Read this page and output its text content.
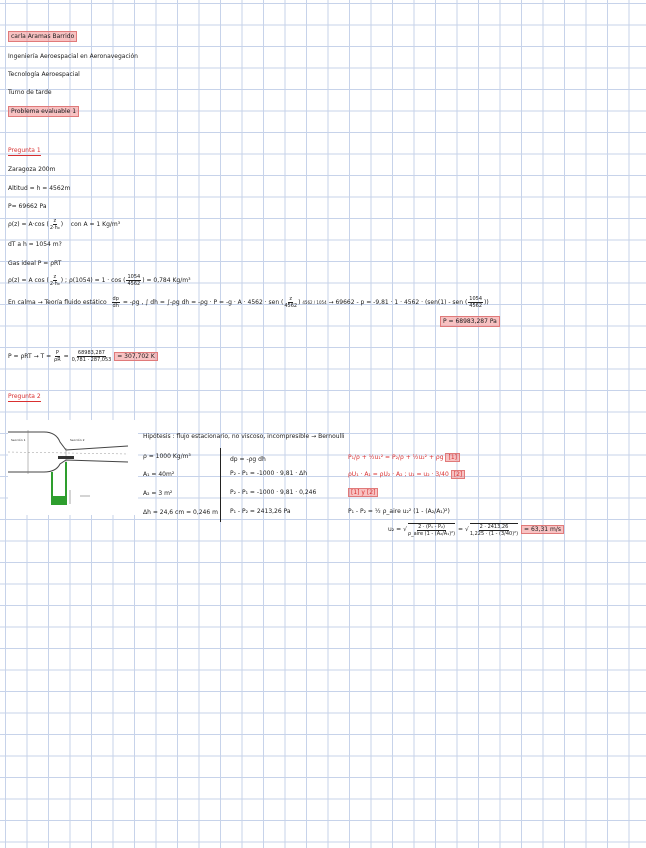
carla Aramas Barrido
Ingeniería Aeroespacial en Aeronavegación
Tecnología Aeroespacial
Turno de tarde
Problema evaluable 1
Pregunta 1
Zaragoza 200m
Altitud = h = 4562m
P= 69662 Pa
ρ(z) = A·cos ( $\frac{z}{\text{2·h₀}}$ )    con A = 1 Kg/m³
dT a h = 1054 m?
Gas ideal P = ρRT
ρ(z) = A cos ( $\frac{z}{\text{2·h₀}}$ ) ; ρ(1054) = 1 · cos ( $\frac{1054}{4562}$ ) = 0,784 Kg/m³
En calma → Teoría fluido estático $\frac{dp}{dh} = -\rho g$ , ∫ dh = ∫-ρg dh = -ρg · P = -g · A · 4562 · sen ( $\frac{z}{4562}$ ) 4562 / 1054 → 69662 - p = -9,81 · 1 · 4562 · (sen(1) - sen ( $\frac{1054}{4562}$ ))
P = 68983,287 Pa
$P = \rho RT \to T = \frac{P}{\rho R} = \frac{68983,287}{0,781 \cdot 287,053} = 307,702$ K
Pregunta 2
Sección 1	Sección 2	Hipótesis : flujo estacionario, no viscoso, incompresible → Bernoulli
ρ = 1000 Kg/m³
A₁ = 40m²
A₂ = 3 m²
Δh = 24,6 cm = 0,246 m
dp = -ρg dh
P₂ - P₁ = -1000 · 9,81 · Δh
P₂ - P₁ = -1000 · 9,81 · 0,246
P₁ - P₂ = 2413,26 Pa
P₁/ρ + ½u₁² = P₂/ρ + ½u₂² + ρg [1]
ρU₁ · A₁ = ρU₂ · A₂ ; u₁ = u₂ · 3/40 [2]
[1] y [2]
P₁ - P₂ = ½ ρ_aire u₂² (1 - (A₂/A₁)²)
u₂ = √ $\frac{\text{2 · (P₁ - P₂)}}{\text{ρ\_aire (1 - (A₂/A₁)²)}}$ = √ $\frac{2 \cdot 2413,26}{\text{1,225 · (1 - (3/40)²)}} = 63,31$ m/s
